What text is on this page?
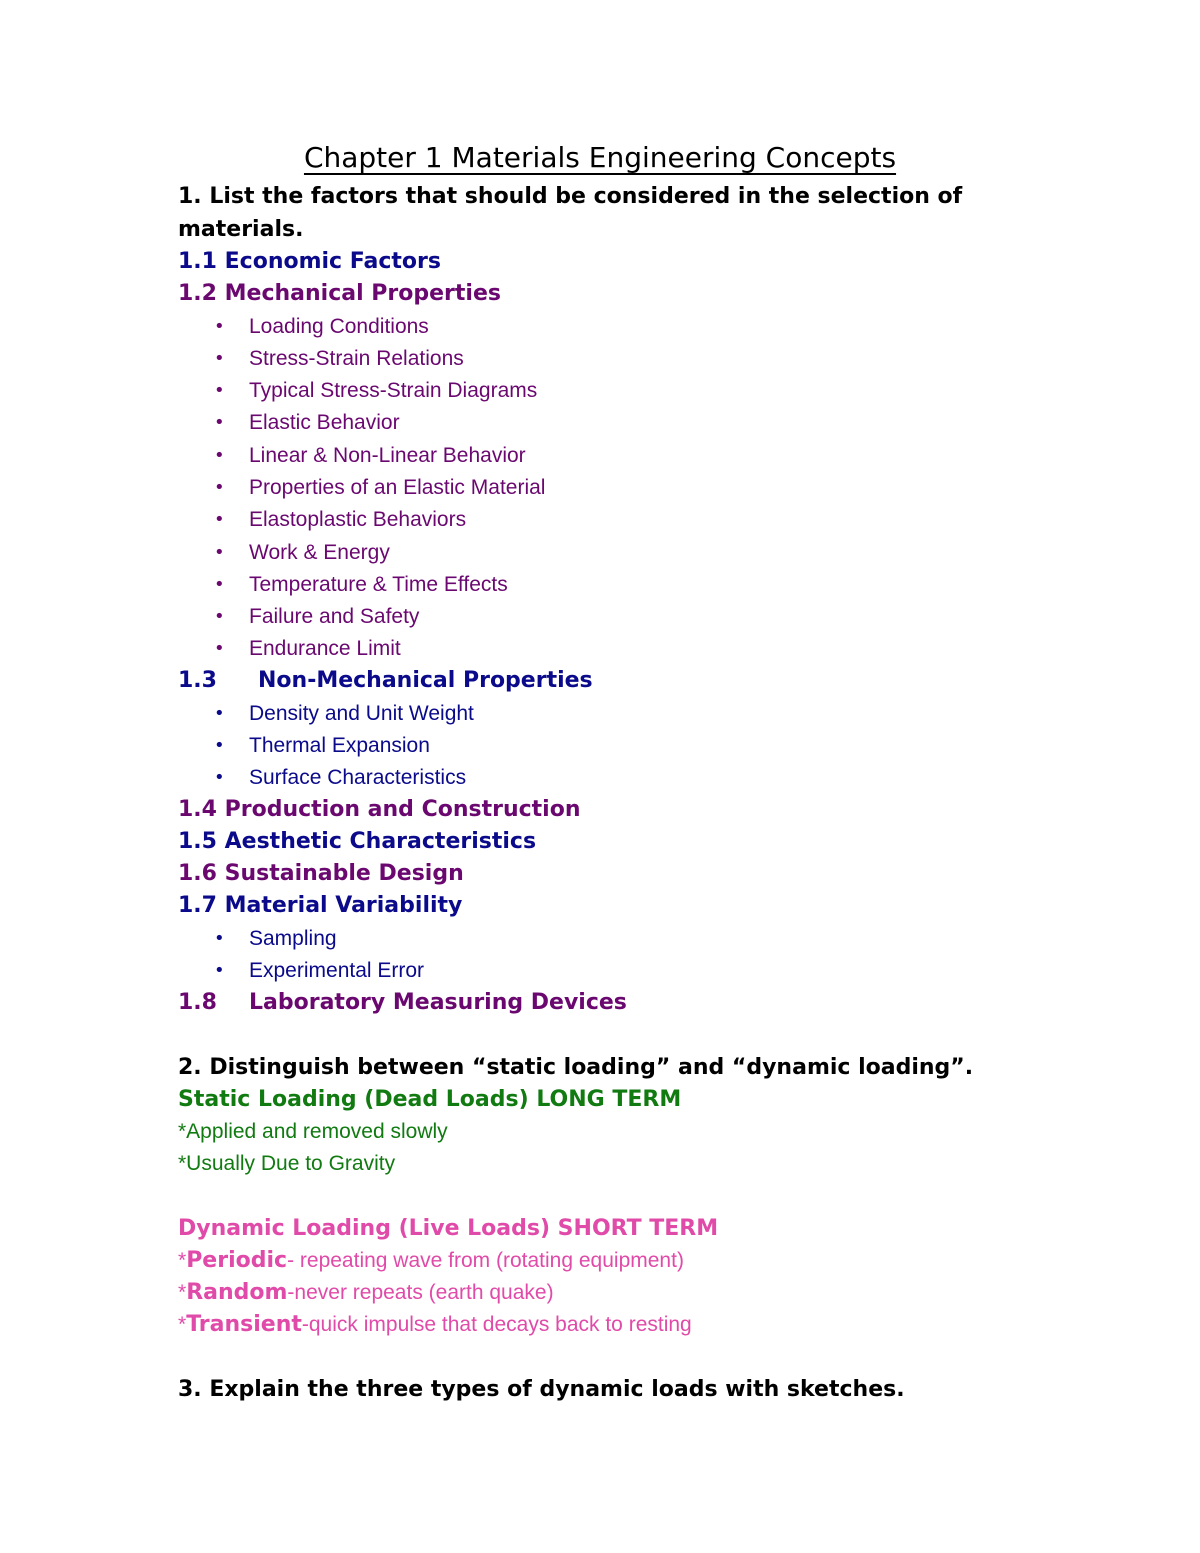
Chapter 1 Materials Engineering Concepts
1. List the factors that should be considered in the selection of
materials.
1.1 Economic Factors
1.2 Mechanical Properties
• Loading Conditions
• Stress-Strain Relations
• Typical Stress-Strain Diagrams
• Elastic Behavior
• Linear & Non-Linear Behavior
• Properties of an Elastic Material
• Elastoplastic Behaviors
• Work & Energy
• Temperature & Time Effects
• Failure and Safety
• Endurance Limit
1.3 Non-Mechanical Properties
• Density and Unit Weight
• Thermal Expansion
• Surface Characteristics
1.4 Production and Construction
1.5 Aesthetic Characteristics
1.6 Sustainable Design
1.7 Material Variability
• Sampling
• Experimental Error
1.8 Laboratory Measuring Devices
2. Distinguish between “static loading” and “dynamic loading”.
Static Loading (Dead Loads) LONG TERM
*Applied and removed slowly
*Usually Due to Gravity
Dynamic Loading (Live Loads) SHORT TERM
*Periodic- repeating wave from (rotating equipment)
*Random-never repeats (earth quake)
*Transient-quick impulse that decays back to resting
3. Explain the three types of dynamic loads with sketches.
